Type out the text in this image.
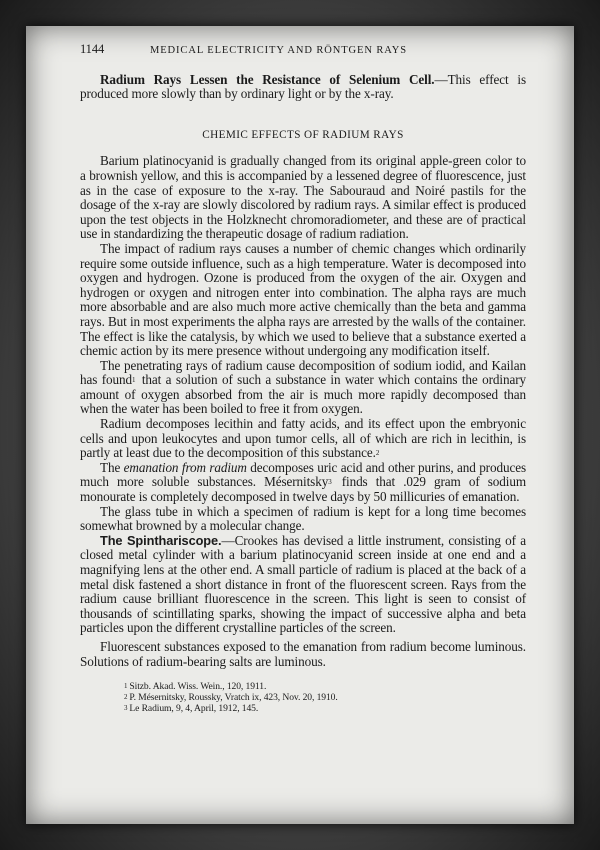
1144	MEDICAL ELECTRICITY AND RÖNTGEN RAYS

Radium Rays Lessen the Resistance of Selenium Cell.—This effect is produced more slowly than by ordinary light or by the x-ray.

CHEMIC EFFECTS OF RADIUM RAYS

Barium platinocyanid is gradually changed from its original apple-green color to a brownish yellow, and this is accompanied by a lessened degree of fluorescence, just as in the case of exposure to the x-ray. The Sabouraud and Noiré pastils for the dosage of the x-ray are slowly discolored by radium rays. A similar effect is produced upon the test objects in the Holzknecht chromoradiometer, and these are of practical use in standardizing the therapeutic dosage of radium radiation.

The impact of radium rays causes a number of chemic changes which ordinarily require some outside influence, such as a high temperature. Water is decomposed into oxygen and hydrogen. Ozone is produced from the oxygen of the air. Oxygen and hydrogen or oxygen and nitrogen enter into combination. The alpha rays are much more absorbable and are also much more active chemically than the beta and gamma rays. But in most experiments the alpha rays are arrested by the walls of the container. The effect is like the catalysis, by which we used to believe that a substance exerted a chemic action by its mere presence without undergoing any modification itself.

The penetrating rays of radium cause decomposition of sodium iodid, and Kailan has found$^1$ that a solution of such a substance in water which contains the ordinary amount of oxygen absorbed from the air is much more rapidly decomposed than when the water has been boiled to free it from oxygen.

Radium decomposes lecithin and fatty acids, and its effect upon the embryonic cells and upon leukocytes and upon tumor cells, all of which are rich in lecithin, is partly at least due to the decomposition of this substance.$^2$

The emanation from radium decomposes uric acid and other purins, and produces much more soluble substances. Mésernitsky$^3$ finds that .029 gram of sodium monourate is completely decomposed in twelve days by 50 millicuries of emanation.

The glass tube in which a specimen of radium is kept for a long time becomes somewhat browned by a molecular change.

The Spinthariscope.—Crookes has devised a little instrument, consisting of a closed metal cylinder with a barium platinocyanid screen inside at one end and a magnifying lens at the other end. A small particle of radium is placed at the back of a metal disk fastened a short distance in front of the fluorescent screen. Rays from the radium cause brilliant fluorescence in the screen. This light is seen to consist of thousands of scintillating sparks, showing the impact of successive alpha and beta particles upon the different crystalline particles of the screen.

Fluorescent substances exposed to the emanation from radium become luminous. Solutions of radium-bearing salts are luminous.

$^1$ Sitzb. Akad. Wiss. Wein., 120, 1911.
$^2$ P. Mésernitsky, Roussky, Vratch ix, 423, Nov. 20, 1910.
$^3$ Le Radium, 9, 4, April, 1912, 145.
